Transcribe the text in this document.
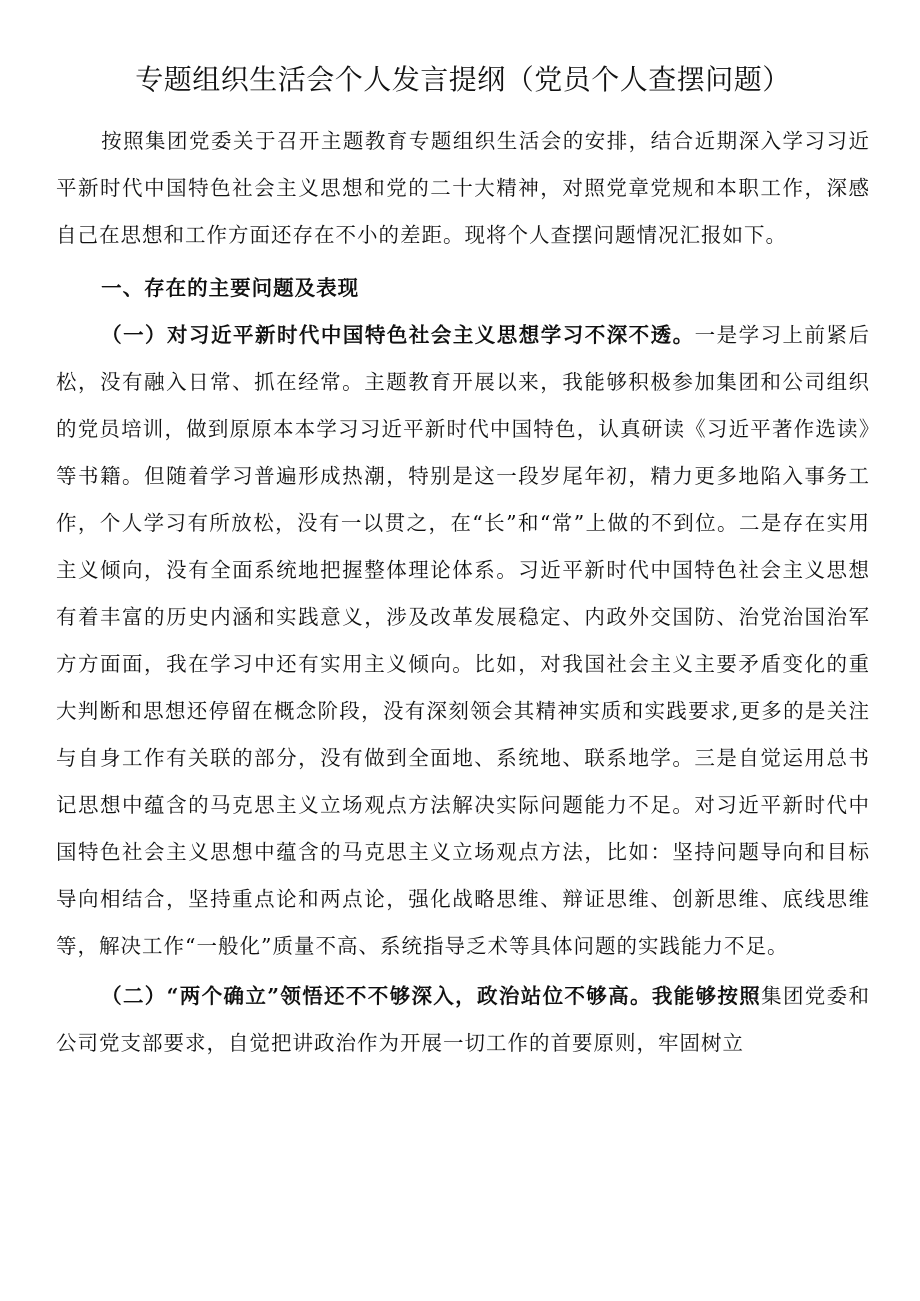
专题组织生活会个人发言提纲（党员个人查摆问题）

按照集团党委关于召开主题教育专题组织生活会的安排，结合近期深入学习习近平新时代中国特色社会主义思想和党的二十大精神，对照党章党规和本职工作，深感自己在思想和工作方面还存在不小的差距。现将个人查摆问题情况汇报如下。

一、存在的主要问题及表现

（一）对习近平新时代中国特色社会主义思想学习不深不透。一是学习上前紧后松，没有融入日常、抓在经常。主题教育开展以来，我能够积极参加集团和公司组织的党员培训，做到原原本本学习习近平新时代中国特色，认真研读《习近平著作选读》等书籍。但随着学习普遍形成热潮，特别是这一段岁尾年初，精力更多地陷入事务工作，个人学习有所放松，没有一以贯之，在“长”和“常”上做的不到位。二是存在实用主义倾向，没有全面系统地把握整体理论体系。习近平新时代中国特色社会主义思想有着丰富的历史内涵和实践意义，涉及改革发展稳定、内政外交国防、治党治国治军方方面面，我在学习中还有实用主义倾向。比如，对我国社会主义主要矛盾变化的重大判断和思想还停留在概念阶段，没有深刻领会其精神实质和实践要求,更多的是关注与自身工作有关联的部分，没有做到全面地、系统地、联系地学。三是自觉运用总书记思想中蕴含的马克思主义立场观点方法解决实际问题能力不足。对习近平新时代中国特色社会主义思想中蕴含的马克思主义立场观点方法，比如：坚持问题导向和目标导向相结合，坚持重点论和两点论，强化战略思维、辩证思维、创新思维、底线思维等，解决工作“一般化”质量不高、系统指导乏术等具体问题的实践能力不足。

（二）“两个确立”领悟还不不够深入，政治站位不够高。我能够按照集团党委和公司党支部要求，自觉把讲政治作为开展一切工作的首要原则，牢固树立
